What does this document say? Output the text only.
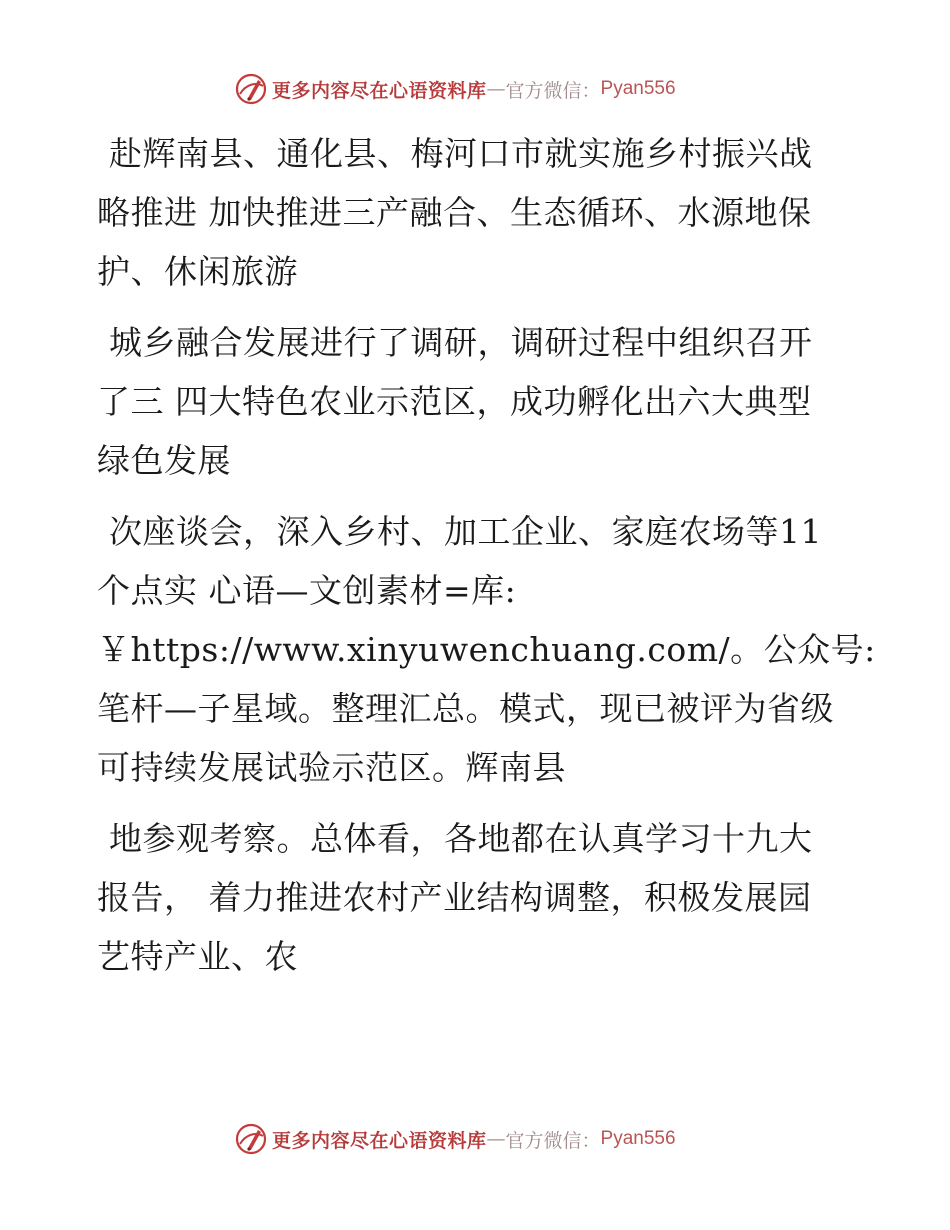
更多内容尽在心语资料库 — 官方微信： Pyan556
赴辉南县、通化县、梅河口市就实施乡村振兴战
略推进 加快推进三产融合、生态循环、水源地保
护、休闲旅游
城乡融合发展进行了调研，调研过程中组织召开
了三 四大特色农业示范区，成功孵化出六大典型
绿色发展
次座谈会，深入乡村、加工企业、家庭农场等11
个点实 心语—文创素材=库:
￥https://www.xinyuwenchuang.com/。公众号:
笔杆—子星域。整理汇总。模式，现已被评为省级
可持续发展试验示范区。辉南县
地参观考察。总体看，各地都在认真学习十九大
报告， 着力推进农村产业结构调整，积极发展园
艺特产业、农
更多内容尽在心语资料库 — 官方微信： Pyan556
